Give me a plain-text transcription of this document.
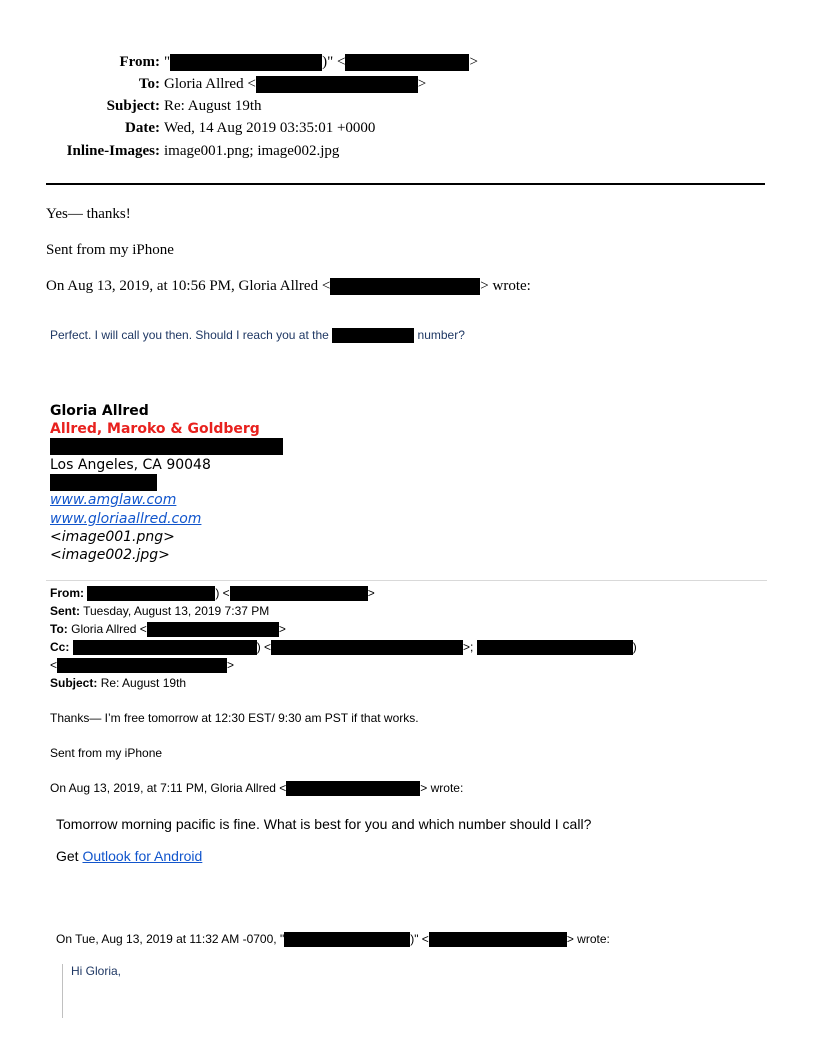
From: "	)" <	>
To: Gloria Allred <	>
Subject: Re: August 19th
Date: Wed, 14 Aug 2019 03:35:01 +0000
Inline-Images: image001.png; image002.jpg
Yes— thanks!
Sent from my iPhone
On Aug 13, 2019, at 10:56 PM, Gloria Allred <	> wrote:
Perfect. I will call you then. Should I reach you at the	number?
Gloria Allred
Allred, Maroko & Goldberg
Los Angeles, CA 90048
www.amglaw.com
www.gloriaallred.com
<image001.png>
<image002.jpg>
From:	) <	>
Sent: Tuesday, August 13, 2019 7:37 PM
To: Gloria Allred <	>
Cc:	) <	>;	)
<	>
Subject: Re: August 19th
Thanks— I’m free tomorrow at 12:30 EST/ 9:30 am PST if that works.
Sent from my iPhone
On Aug 13, 2019, at 7:11 PM, Gloria Allred <	> wrote:
Tomorrow morning pacific is fine. What is best for you and which number should I call?
Get Outlook for Android
On Tue, Aug 13, 2019 at 11:32 AM -0700, "	)" <	> wrote:
Hi Gloria,
